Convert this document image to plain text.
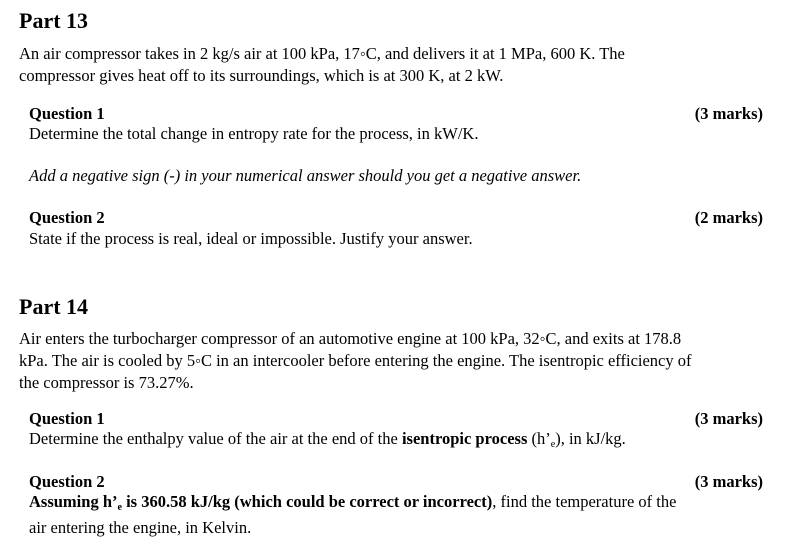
Part 13

An air compressor takes in 2 kg/s air at 100 kPa, 17◦C, and delivers it at 1 MPa, 600 K. The
compressor gives heat off to its surroundings, which is at 300 K, at 2 kW.

Question 1	(3 marks)

Determine the total change in entropy rate for the process, in kW/K.

Add a negative sign (-) in your numerical answer should you get a negative answer.

Question 2	(2 marks)

State if the process is real, ideal or impossible. Justify your answer.

Part 14

Air enters the turbocharger compressor of an automotive engine at 100 kPa, 32◦C, and exits at 178.8
kPa. The air is cooled by 5◦C in an intercooler before entering the engine. The isentropic efficiency of
the compressor is 73.27%.

Question 1	(3 marks)

Determine the enthalpy value of the air at the end of the isentropic process $(h’_e)$, in kJ/kg.

Question 2	(3 marks)

Assuming $h’_e$ is 360.58 kJ/kg (which could be correct or incorrect), find the temperature of the
air entering the engine, in Kelvin.
